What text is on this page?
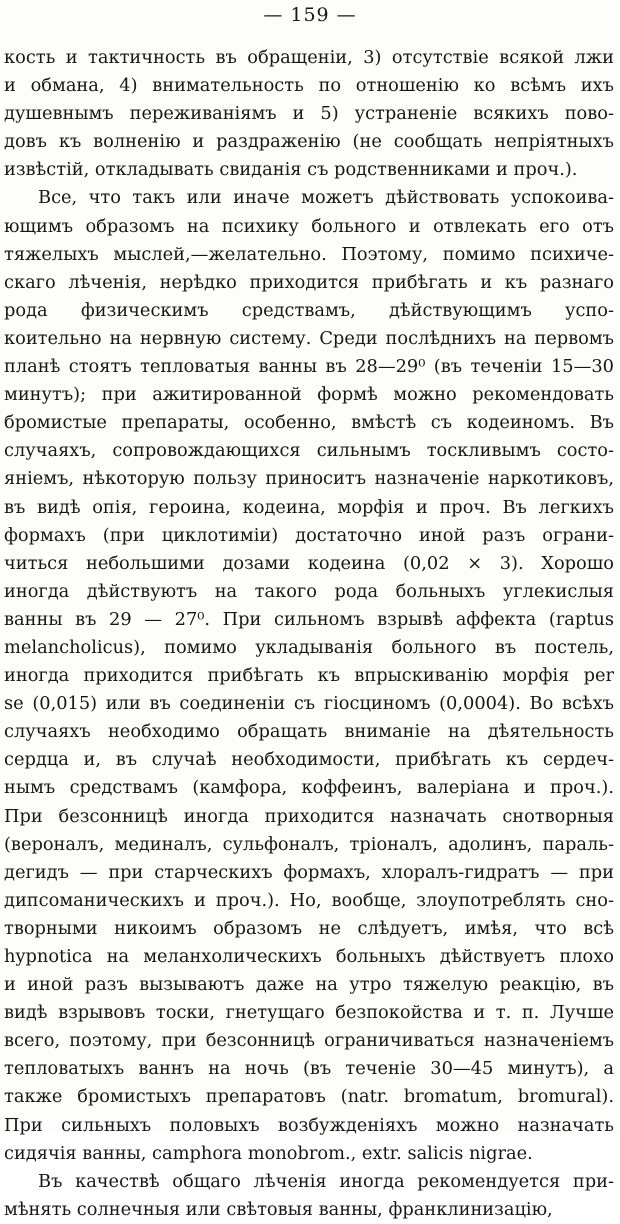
— 159 —
кость и тактичность въ обращеніи, 3) отсутствіе всякой лжи
и обмана, 4) внимательность по отношенію ко всѣмъ ихъ
душевнымъ переживаніямъ и 5) устраненіе всякихъ пово-
довъ къ волненію и раздраженію (не сообщать непріятныхъ
извѣстій, откладывать свиданія съ родственниками и проч.).
Все, что такъ или иначе можетъ дѣйствовать успокоива-
ющимъ образомъ на психику больного и отвлекать его отъ
тяжелыхъ мыслей,—желательно. Поэтому, помимо психиче-
скаго лѣченія, нерѣдко приходится прибѣгать и къ разнаго
рода физическимъ средствамъ, дѣйствующимъ успо-
коительно на нервную систему. Среди послѣднихъ на первомъ
планѣ стоятъ тепловатыя ванны въ 28—29⁰ (въ теченіи 15—30
минутъ); при ажитированной формѣ можно рекомендовать
бромистые препараты, особенно, вмѣстѣ съ кодеиномъ. Въ
случаяхъ, сопровождающихся сильнымъ тоскливымъ состо-
яніемъ, нѣкоторую пользу приноситъ назначеніе наркотиковъ,
въ видѣ опія, героина, кодеина, морфія и проч. Въ легкихъ
формахъ (при циклотиміи) достаточно иной разъ ограни-
читься небольшими дозами кодеина (0,02 × 3). Хорошо
иногда дѣйствуютъ на такого рода больныхъ углекислыя
ванны въ 29 — 27⁰. При сильномъ взрывѣ аффекта (raptus
melancholicus), помимо укладыванія больного въ постель,
иногда приходится прибѣгать къ впрыскиванію морфія per
se (0,015) или въ соединеніи съ гіосциномъ (0,0004). Во всѣхъ
случаяхъ необходимо обращать вниманіе на дѣятельность
сердца и, въ случаѣ необходимости, прибѣгать къ сердеч-
нымъ средствамъ (камфора, коффеинъ, валеріана и проч.).
При безсонницѣ иногда приходится назначать снотворныя
(вероналъ, мединалъ, сульфоналъ, тріоналъ, адолинъ, параль-
дегидъ — при старческихъ формахъ, хлоралъ-гидратъ — при
дипсоманическихъ и проч.). Но, вообще, злоупотреблять сно-
творными никоимъ образомъ не слѣдуетъ, имѣя, что всѣ
hypnotica на меланхолическихъ больныхъ дѣйствуетъ плохо
и иной разъ вызываютъ даже на утро тяжелую реакцію, въ
видѣ взрывовъ тоски, гнетущаго безпокойства и т. п. Лучше
всего, поэтому, при безсонницѣ ограничиваться назначеніемъ
тепловатыхъ ваннъ на ночь (въ теченіе 30—45 минутъ), а
также бромистыхъ препаратовъ (natr. bromatum, bromural).
При сильныхъ половыхъ возбужденіяхъ можно назначать
сидячія ванны, camphora monobrom., extr. salicis nigrae.
Въ качествѣ общаго лѣченія иногда рекомендуется при-
мѣнять солнечныя или свѣтовыя ванны, франклинизацію,
